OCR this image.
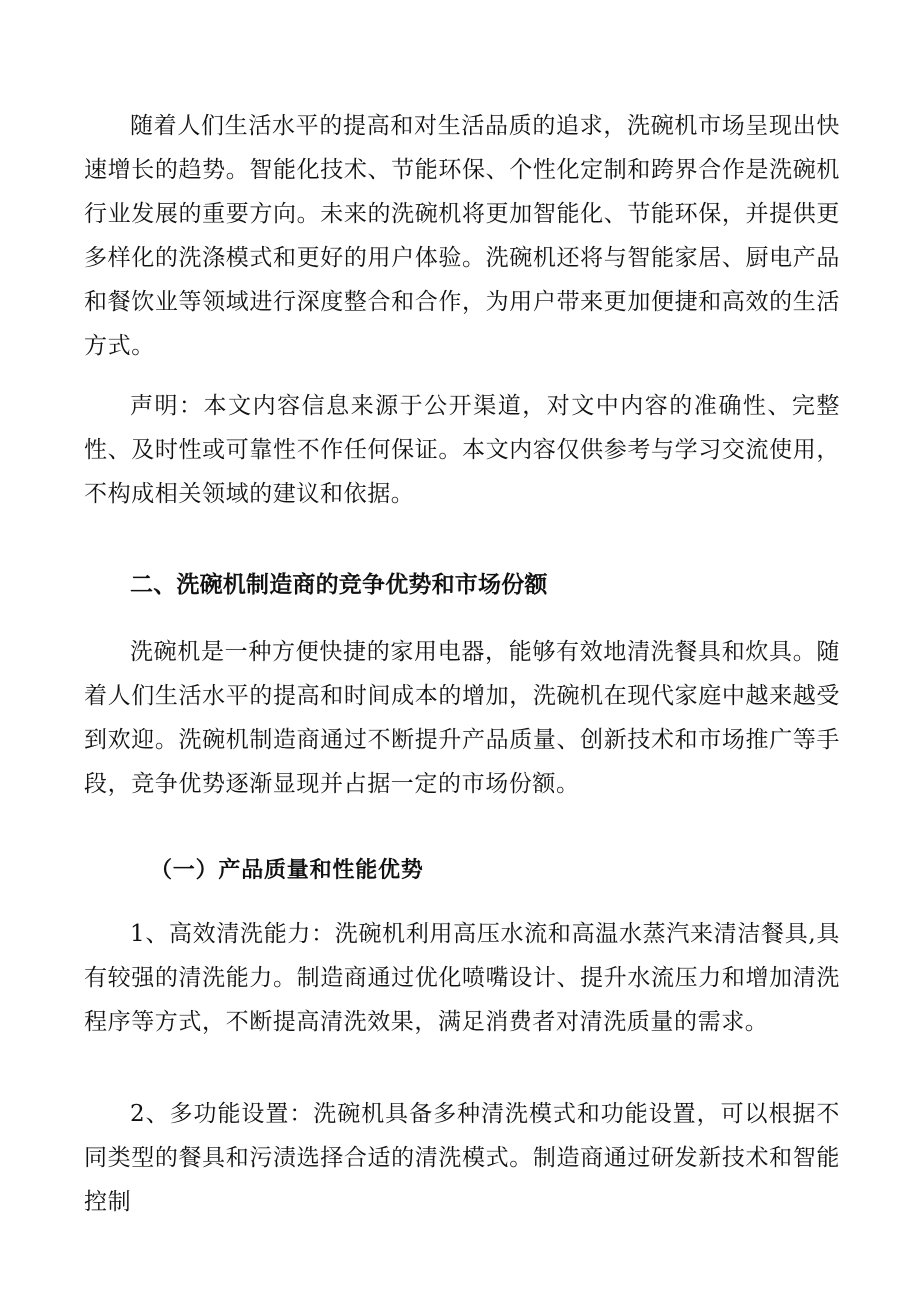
随着人们生活水平的提高和对生活品质的追求，洗碗机市场呈现出快速增长的趋势。智能化技术、节能环保、个性化定制和跨界合作是洗碗机行业发展的重要方向。未来的洗碗机将更加智能化、节能环保，并提供更多样化的洗涤模式和更好的用户体验。洗碗机还将与智能家居、厨电产品和餐饮业等领域进行深度整合和合作，为用户带来更加便捷和高效的生活方式。

声明：本文内容信息来源于公开渠道，对文中内容的准确性、完整性、及时性或可靠性不作任何保证。本文内容仅供参考与学习交流使用，不构成相关领域的建议和依据。

二、洗碗机制造商的竞争优势和市场份额

洗碗机是一种方便快捷的家用电器，能够有效地清洗餐具和炊具。随着人们生活水平的提高和时间成本的增加，洗碗机在现代家庭中越来越受到欢迎。洗碗机制造商通过不断提升产品质量、创新技术和市场推广等手段，竞争优势逐渐显现并占据一定的市场份额。

（一）产品质量和性能优势

1、高效清洗能力：洗碗机利用高压水流和高温水蒸汽来清洁餐具,具有较强的清洗能力。制造商通过优化喷嘴设计、提升水流压力和增加清洗程序等方式，不断提高清洗效果，满足消费者对清洗质量的需求。

2、多功能设置：洗碗机具备多种清洗模式和功能设置，可以根据不同类型的餐具和污渍选择合适的清洗模式。制造商通过研发新技术和智能控制
